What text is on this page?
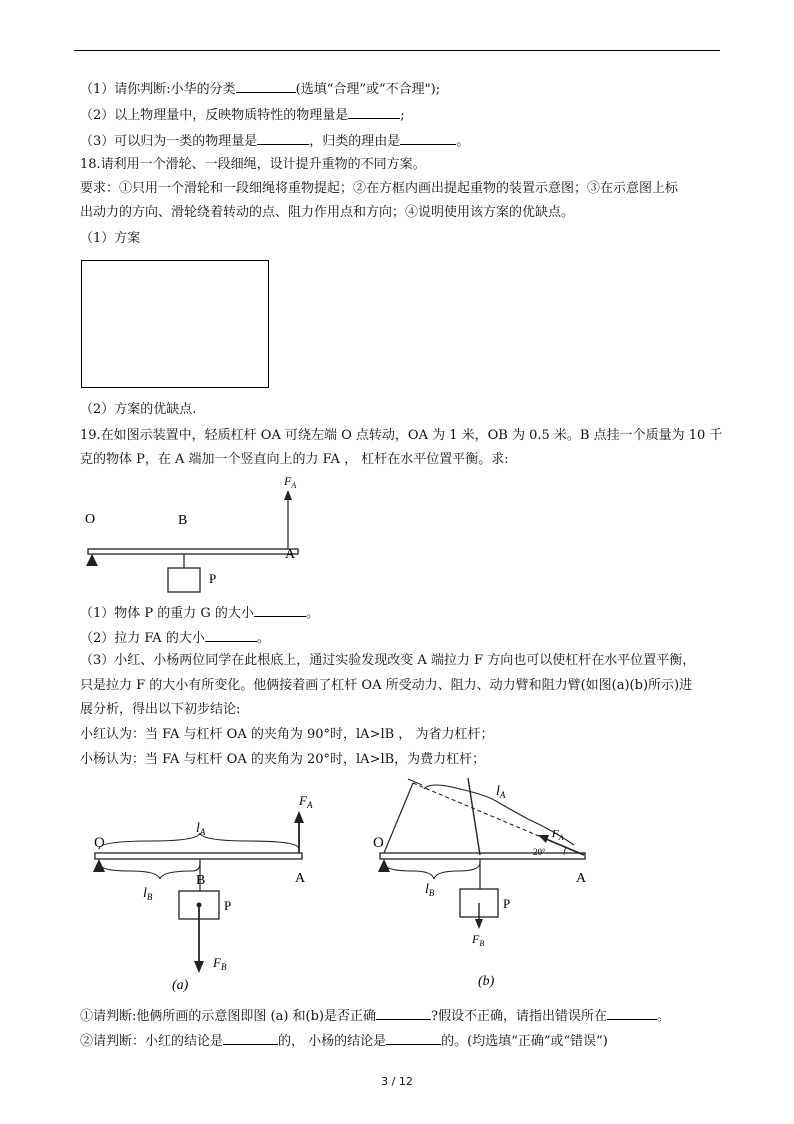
（1）请你判断:小华的分类	(选填“合理”或“不合理");
（2）以上物理量中，反映物质特性的物理量是	;
（3）可以归为一类的物理量是	，归类的理由是	。
18.请利用一个滑轮、一段细绳，设计提升重物的不同方案。
要求：①只用一个滑轮和一段细绳将重物提起；②在方框内画出提起重物的装置示意图；③在示意图上标
出动力的方向、滑轮绕着转动的点、阻力作用点和方向；④说明使用该方案的优缺点。
（1）方案
（2）方案的优缺点.
19.在如图示装置中，轻质杠杆 OA 可绕左端 O 点转动，OA 为 1 米，OB 为 0.5 米。B 点挂一个质量为 10 千
克的物体 P，在 A 端加一个竖直向上的力 FA ， 杠杆在水平位置平衡。求:
O	B
A
P
$F_A$
（1）物体 P 的重力 G 的大小	。
（2）拉力 FA 的大小	。
（3）小红、小杨两位同学在此根底上，通过实验发现改变 A 端拉力 F 方向也可以使杠杆在水平位置平衡，
只是拉力 F 的大小有所变化。他俩接着画了杠杆 OA 所受动力、阻力、动力臂和阻力臂(如图(a)(b)所示)进
展分析，得出以下初步结论:
小红认为：当 FA 与杠杆 OA 的夹角为 90°时，lA>lB ， 为省力杠杆；
小杨认为：当 FA 与杠杆 OA 的夹角为 20°时，lA>lB，为费力杠杆；
O
B	A
P
$l_A$
$l_B$
$F_A$
$F_B$
(a)
O
A
P
$l_A$
$l_B$
$F_A$
20°
$F_B$
(b)
①请判断:他俩所画的示意图即图 (a) 和(b)是否正确	?假设不正确，请指出错误所在	。
②请判断：小红的结论是	的， 小杨的结论是	的。(均选填“正确”或“错误”)
3 / 12
